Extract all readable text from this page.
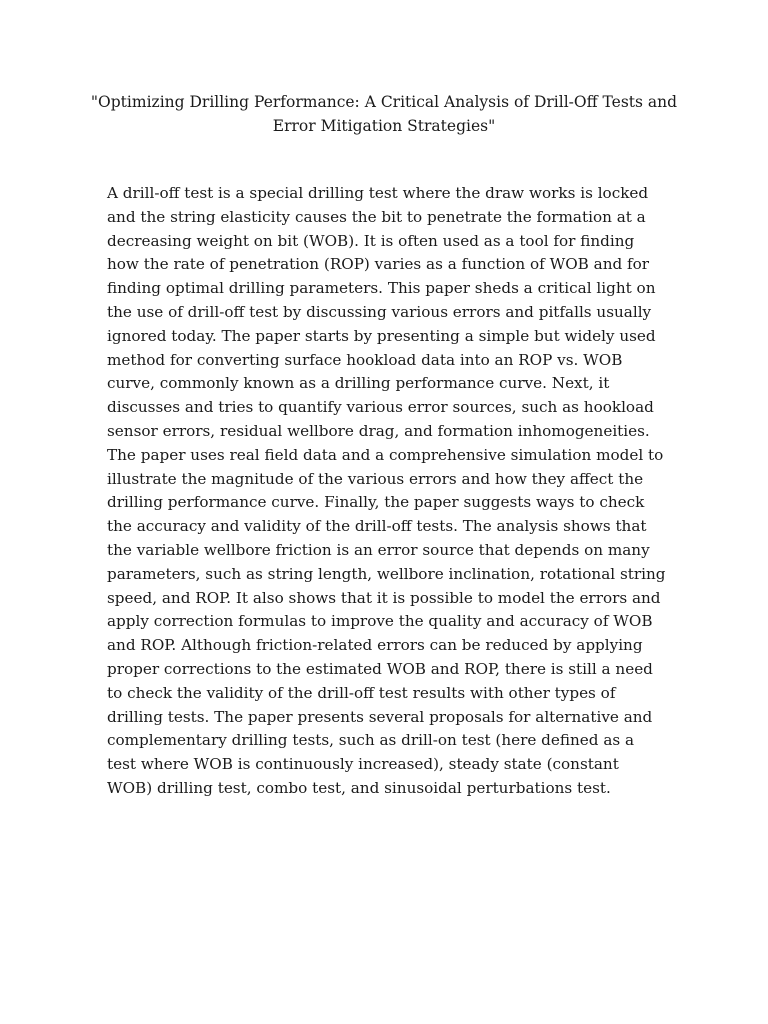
"Optimizing Drilling Performance: A Critical Analysis of Drill-Off Tests and Error Mitigation Strategies"

A drill-off test is a special drilling test where the draw works is locked and the string elasticity causes the bit to penetrate the formation at a decreasing weight on bit (WOB). It is often used as a tool for finding how the rate of penetration (ROP) varies as a function of WOB and for finding optimal drilling parameters. This paper sheds a critical light on the use of drill-off test by discussing various errors and pitfalls usually ignored today. The paper starts by presenting a simple but widely used method for converting surface hookload data into an ROP vs. WOB curve, commonly known as a drilling performance curve. Next, it discusses and tries to quantify various error sources, such as hookload sensor errors, residual wellbore drag, and formation inhomogeneities. The paper uses real field data and a comprehensive simulation model to illustrate the magnitude of the various errors and how they affect the drilling performance curve. Finally, the paper suggests ways to check the accuracy and validity of the drill-off tests. The analysis shows that the variable wellbore friction is an error source that depends on many parameters, such as string length, wellbore inclination, rotational string speed, and ROP. It also shows that it is possible to model the errors and apply correction formulas to improve the quality and accuracy of WOB and ROP. Although friction-related errors can be reduced by applying proper corrections to the estimated WOB and ROP, there is still a need to check the validity of the drill-off test results with other types of drilling tests. The paper presents several proposals for alternative and complementary drilling tests, such as drill-on test (here defined as a test where WOB is continuously increased), steady state (constant WOB) drilling test, combo test, and sinusoidal perturbations test.
